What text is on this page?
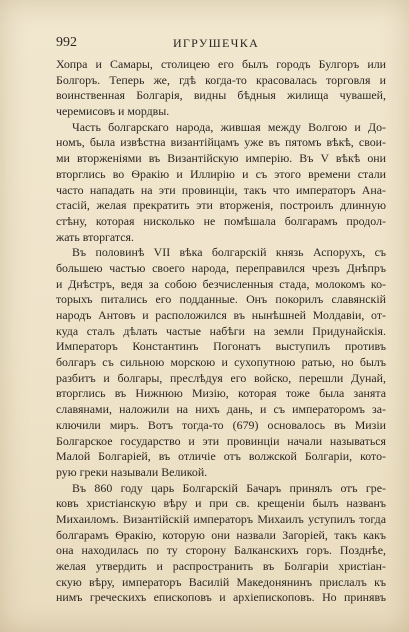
992	ИГРУШЕЧКА
Хопра и Самары, столицею его былъ городъ Булгоръ или
Болгоръ. Теперь же, гдѣ когда-то красовалась торговля и
воинственная Болгарія, видны бѣдныя жилища чувашей,
черемисовъ и мордвы.
Часть болгарскаго народа, жившая между Волгою и До-
номъ, была извѣстна византійцамъ уже въ пятомъ вѣкѣ, свои-
ми вторженіями въ Византійскую имперію. Въ V вѣкѣ они
вторглись во Ѳракію и Иллирію и съ этого времени стали
часто нападать на эти провинціи, такъ что императоръ Ана-
стасій, желая прекратить эти вторженія, построилъ длинную
стѣну, которая нисколько не помѣшала болгарамъ продол-
жать вторгатся.
Въ половинѣ VII вѣка болгарскій князь Аспорухъ, съ
большею частью своего народа, переправился чрезъ Днѣпръ
и Днѣстръ, ведя за собою безчисленныя стада, молокомъ ко-
торыхъ питались его подданные. Онъ покорилъ славянскій
народъ Антовъ и расположился въ нынѣшней Молдавіи, от-
куда сталъ дѣлать частые набѣги на земли Придунайскія.
Императоръ Константинъ Погонатъ выступилъ противъ
болгаръ съ сильною морскою и сухопутною ратью, но былъ
разбитъ и болгары, преслѣдуя его войско, перешли Дунай,
вторглись въ Нижнюю Мизію, которая тоже была занята
славянами, наложили на нихъ дань, и съ императоромъ за-
ключили миръ. Вотъ тогда-то (679) основалось въ Мизіи
Болгарское государство и эти провинціи начали называться
Малой Болгаріей, въ отличіе отъ волжской Болгаріи, кото-
рую греки называли Великой.
Въ 860 году царь Болгарскій Бачаръ принялъ отъ гре-
ковъ христіанскую вѣру и при св. крещеніи былъ названъ
Михаиломъ. Византійскій императоръ Михаилъ уступилъ тогда
болгарамъ Ѳракію, которую они назвали Загоріей, такъ какъ
она находилась по ту сторону Балканскихъ горъ. Позднѣе,
желая утвердить и распространить въ Болгаріи христіан-
скую вѣру, императоръ Василій Македонянинъ прислалъ къ
нимъ греческихъ епископовъ и архіепископовъ. Но принявъ
